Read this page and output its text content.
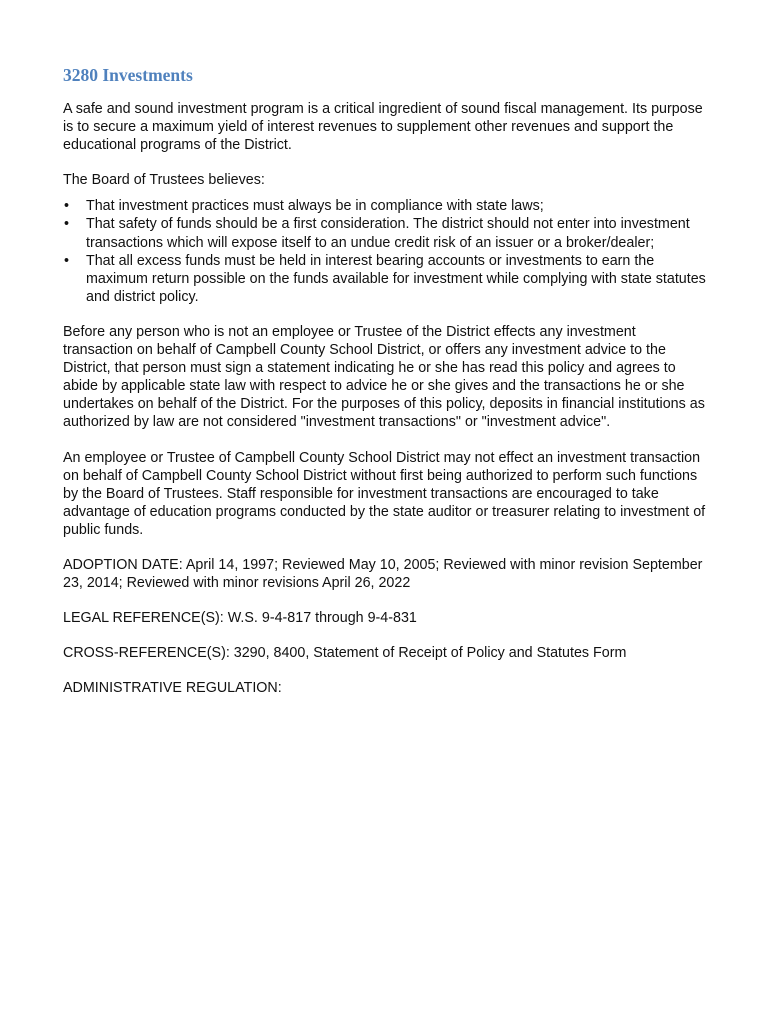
3280 Investments

A safe and sound investment program is a critical ingredient of sound fiscal management. Its purpose is to secure a maximum yield of interest revenues to supplement other revenues and support the educational programs of the District.

The Board of Trustees believes:

• That investment practices must always be in compliance with state laws;
• That safety of funds should be a first consideration. The district should not enter into investment transactions which will expose itself to an undue credit risk of an issuer or a broker/dealer;
• That all excess funds must be held in interest bearing accounts or investments to earn the maximum return possible on the funds available for investment while complying with state statutes and district policy.

Before any person who is not an employee or Trustee of the District effects any investment transaction on behalf of Campbell County School District, or offers any investment advice to the District, that person must sign a statement indicating he or she has read this policy and agrees to abide by applicable state law with respect to advice he or she gives and the transactions he or she undertakes on behalf of the District. For the purposes of this policy, deposits in financial institutions as authorized by law are not considered "investment transactions" or "investment advice".

An employee or Trustee of Campbell County School District may not effect an investment transaction on behalf of Campbell County School District without first being authorized to perform such functions by the Board of Trustees. Staff responsible for investment transactions are encouraged to take advantage of education programs conducted by the state auditor or treasurer relating to investment of public funds.

ADOPTION DATE: April 14, 1997; Reviewed May 10, 2005; Reviewed with minor revision September 23, 2014; Reviewed with minor revisions April 26, 2022

LEGAL REFERENCE(S): W.S. 9-4-817 through 9-4-831

CROSS-REFERENCE(S): 3290, 8400, Statement of Receipt of Policy and Statutes Form

ADMINISTRATIVE REGULATION:
